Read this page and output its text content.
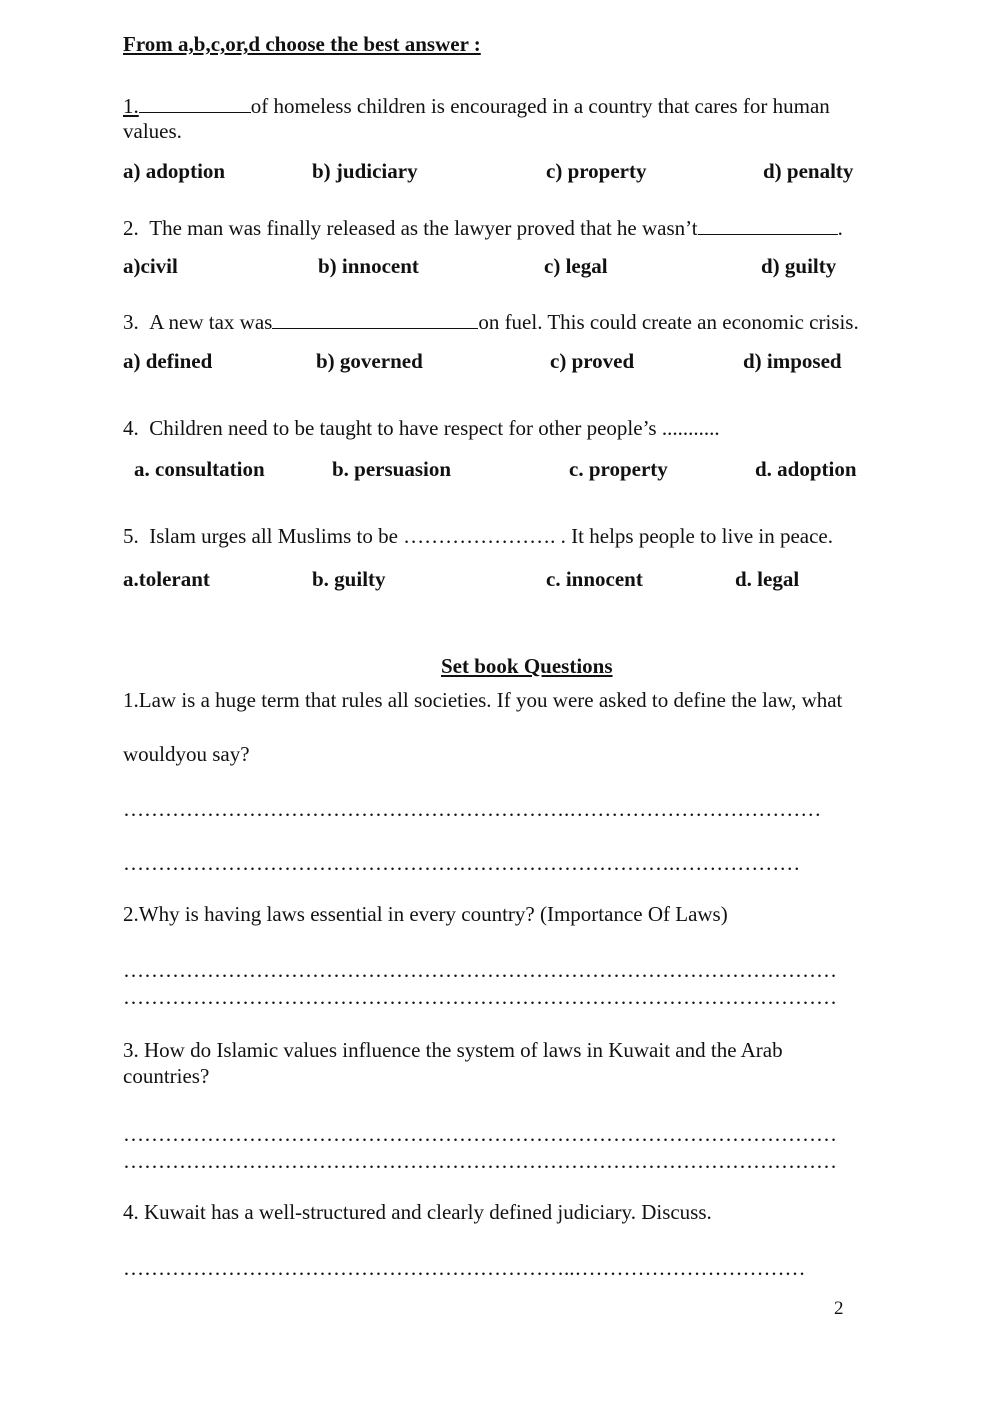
From a,b,c,or,d choose the best answer :
1.	of homeless children is encouraged in a country that cares for human
values.
a) adoption	b) judiciary	c) property	d) penalty
2. The man was finally released as the lawyer proved that he wasn’t	.
a)civil	b) innocent	c) legal	d) guilty
3. A new tax was	on fuel. This could create an economic crisis.
a) defined	b) governed	c) proved	d) imposed
4. Children need to be taught to have respect for other people’s ...........
a. consultation	b. persuasion	c. property	d. adoption
5. Islam urges all Muslims to be …………………. . It helps people to live in peace.
a.tolerant	b. guilty	c. innocent	d. legal
Set book Questions
1.Law is a huge term that rules all societies. If you were asked to define the law, what
wouldyou say?
……………………………………………………….………………………………
…………………………………………………………………….………………
2.Why is having laws essential in every country? (Importance Of Laws)
…………………………………………………………………………………………
…………………………………………………………………………………………
3. How do Islamic values influence the system of laws in Kuwait and the Arab
countries?
…………………………………………………………………………………………
…………………………………………………………………………………………
4. Kuwait has a well-structured and clearly defined judiciary. Discuss.
………………………………………………………..……………………………
2
